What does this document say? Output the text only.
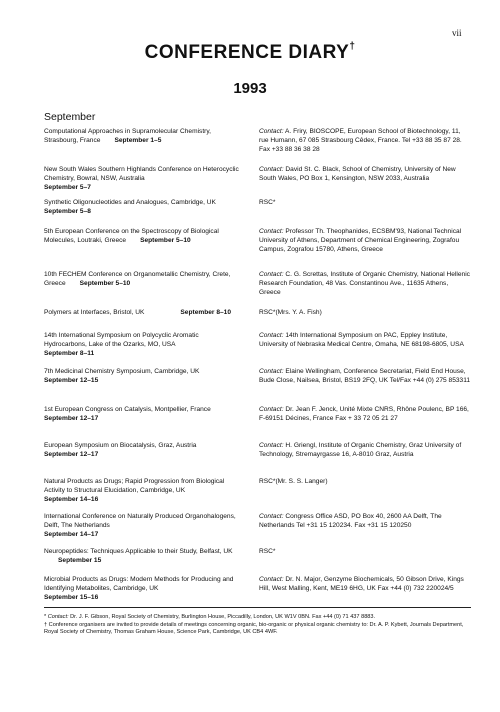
vii
CONFERENCE DIARY†
1993
September
Computational Approaches in Supramolecular Chemistry, Strasbourg, France September 1–5
Contact: A. Friry, BIOSCOPE, European School of Biotechnology, 11, rue Humann, 67 085 Strasbourg Cêdex, France. Tel +33 88 35 87 28. Fax +33 88 36 38 28
New South Wales Southern Highlands Conference on Heterocyclic Chemistry, Bowral, NSW, Australia
September 5–7
Contact: David St. C. Black, School of Chemistry, University of New South Wales, PO Box 1, Kensington, NSW 2033, Australia
Synthetic Oligonucleotides and Analogues, Cambridge, UKSeptember 5–8
RSC*
5th European Conference on the Spectroscopy of Biological Molecules, Loutraki, Greece September 5–10
Contact: Professor Th. Theophanides, ECSBM'93, National Technical University of Athens, Department of Chemical Engineering, Zografou Campus, Zografou 15780, Athens, Greece
10th FECHEM Conference on Organometallic Chemistry, Crete, Greece September 5–10
Contact: C. G. Screttas, Institute of Organic Chemistry, National Hellenic Research Foundation, 48 Vas. Constantinou Ave., 11635 Athens, Greece
Polymers at Interfaces, Bristol, UK	September 8–10	RSC*(Mrs. Y. A. Fish)
14th International Symposium on Polycyclic Aromatic Hydrocarbons, Lake of the Ozarks, MO, USA
September 8–11
Contact: 14th International Symposium on PAC, Eppley Institute, University of Nebraska Medical Centre, Omaha, NE 68198-6805, USA
7th Medicinal Chemistry Symposium, Cambridge, UK
September 12–15
Contact: Elaine Wellingham, Conference Secretariat, Field End House, Bude Close, Nailsea, Bristol, BS19 2FQ, UK Tel/Fax +44 (0) 275 853311
1st European Congress on Catalysis, Montpellier, France
September 12–17
Contact: Dr. Jean F. Jenck, Unité Mixte CNRS, Rhône Poulenc, BP 166, F-69151 Décines, France Fax + 33 72 05 21 27
European Symposium on Biocatalysis, Graz, Austria
September 12–17
Contact: H. Griengl, Institute of Organic Chemistry, Graz University of Technology, Stremayrgasse 16, A-8010 Graz, Austria
Natural Products as Drugs; Rapid Progression from Biological Activity to Structural Elucidation, Cambridge, UK
September 14–16
RSC*(Mr. S. S. Langer)
International Conference on Naturally Produced Organohalogens, Delft, The Netherlands
September 14–17
Contact: Congress Office ASD, PO Box 40, 2600 AA Delft, The Netherlands Tel +31 15 120234. Fax +31 15 120250
Neuropeptides: Techniques Applicable to their Study, Belfast, UKSeptember 15
RSC*
Microbial Products as Drugs: Modern Methods for Producing and Identifying Metabolites, Cambridge, UK
September 15–16
Contact: Dr. N. Major, Genzyme Biochemicals, 50 Gibson Drive, Kings Hill, West Malling, Kent, ME19 6HG, UK Fax +44 (0) 732 220024/5
* Contact: Dr. J. F. Gibson, Royal Society of Chemistry, Burlington House, Piccadilly, London, UK W1V 0BN. Fax +44 (0) 71 437 8883.
† Conference organisers are invited to provide details of meetings concerning organic, bio-organic or physical organic chemistry to: Dr. A. P. Kybett, Journals Department, Royal Society of Chemistry, Thomas Graham House, Science Park, Cambridge, UK CB4 4WF.
